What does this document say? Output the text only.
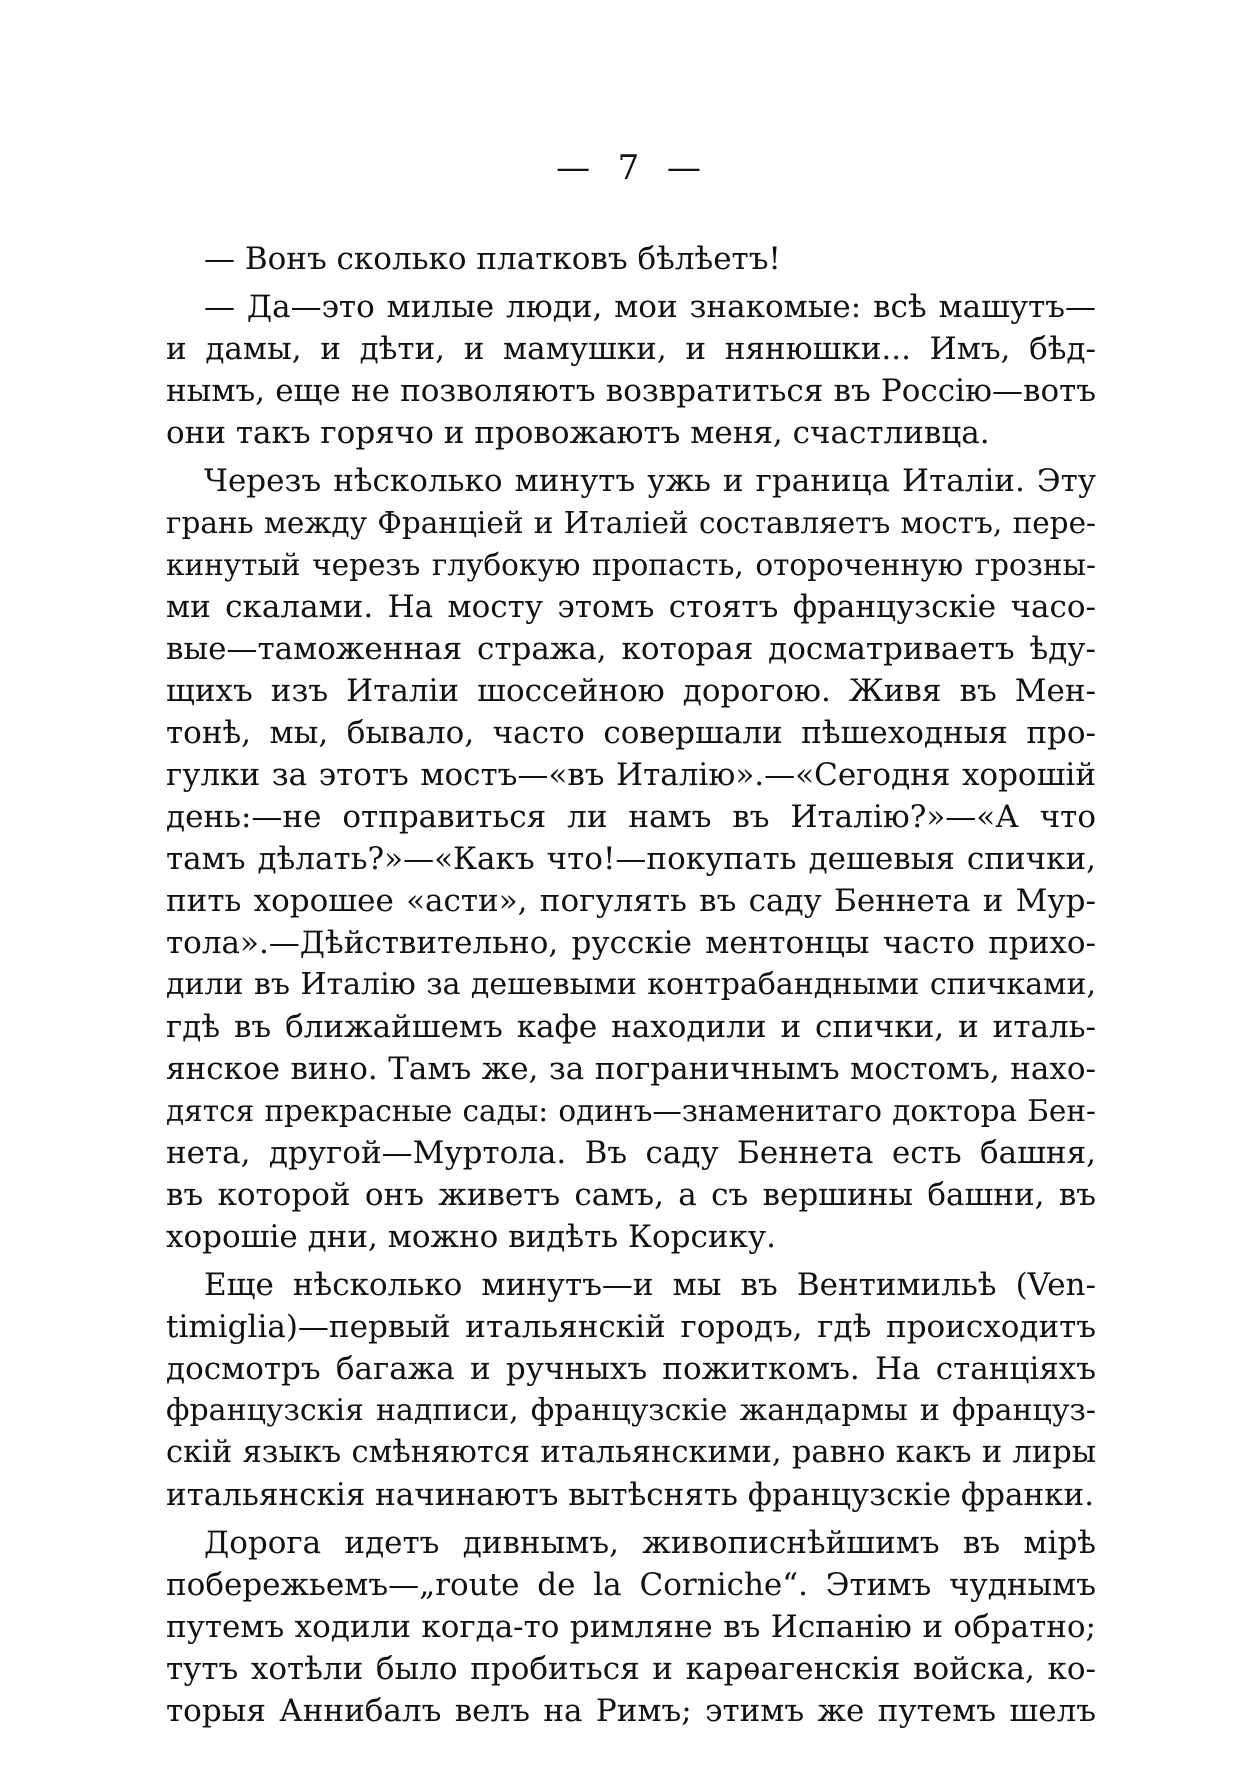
—  7  —
— Вонъ сколько платковъ бѣлѣетъ!
— Да—это милые люди, мои знакомые: всѣ машутъ—
и дамы, и дѣти, и мамушки, и нянюшки... Имъ, бѣд-
нымъ, еще не позволяютъ возвратиться въ Россію—вотъ
они такъ горячо и провожаютъ меня, счастливца.
Черезъ нѣсколько минутъ ужь и граница Италіи. Эту
грань между Франціей и Италіей составляетъ мостъ, пере-
кинутый черезъ глубокую пропасть, отороченную грозны-
ми скалами. На мосту этомъ стоятъ французскіе часо-
вые—таможенная стража, которая досматриваетъ ѣду-
щихъ изъ Италіи шоссейною дорогою. Живя въ Мен-
тонѣ, мы, бывало, часто совершали пѣшеходныя про-
гулки за этотъ мостъ—«въ Италію».—«Сегодня хорошій
день:—не отправиться ли намъ въ Италію?»—«А что
тамъ дѣлать?»—«Какъ что!—покупать дешевыя спички,
пить хорошее «асти», погулять въ саду Беннета и Мур-
тола».—Дѣйствительно, русскіе ментонцы часто прихо-
дили въ Италію за дешевыми контрабандными спичками,
гдѣ въ ближайшемъ кафе находили и спички, и италь-
янское вино. Тамъ же, за пограничнымъ мостомъ, нахо-
дятся прекрасные сады: одинъ—знаменитаго доктора Бен-
нета, другой—Муртола. Въ саду Беннета есть башня,
въ которой онъ живетъ самъ, а съ вершины башни, въ
хорошіе дни, можно видѣть Корсику.
Еще нѣсколько минутъ—и мы въ Вентимильѣ (Ven-
timiglia)—первый итальянскій городъ, гдѣ происходитъ
досмотръ багажа и ручныхъ пожиткомъ. На станціяхъ
французскія надписи, французскіе жандармы и француз-
скій языкъ смѣняются итальянскими, равно какъ и лиры
итальянскія начинаютъ вытѣснять французскіе франки.
Дорога идетъ дивнымъ, живописнѣйшимъ въ мірѣ
побережьемъ—„route de la Corniche“. Этимъ чуднымъ
путемъ ходили когда-то римляне въ Испанію и обратно;
тутъ хотѣли было пробиться и карѳагенскія войска, ко-
торыя Аннибалъ велъ на Римъ; этимъ же путемъ шелъ
